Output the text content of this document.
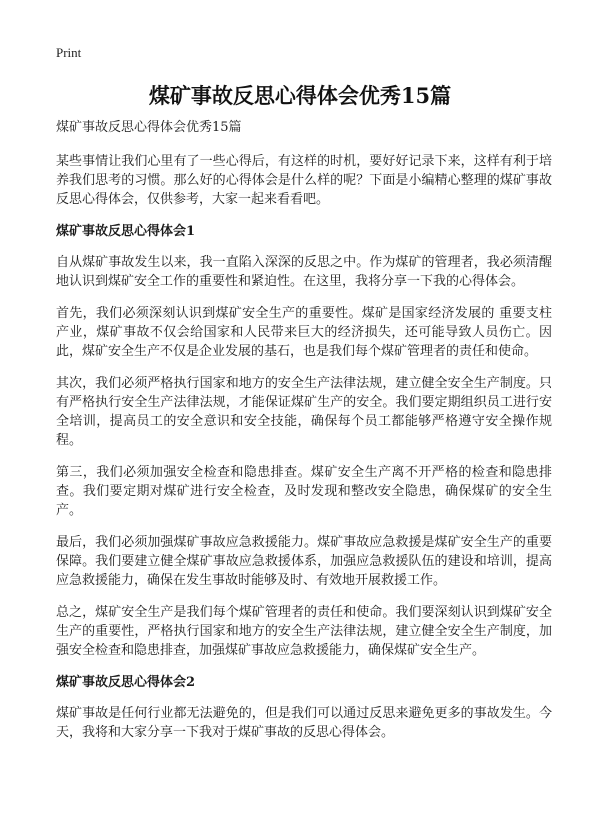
Print
煤矿事故反思心得体会优秀15篇
煤矿事故反思心得体会优秀15篇

某些事情让我们心里有了一些心得后，有这样的时机，要好好记录下来，这样有利于培养我们思考的习惯。那么好的心得体会是什么样的呢？下面是小编精心整理的煤矿事故反思心得体会，仅供参考，大家一起来看看吧。

煤矿事故反思心得体会1

自从煤矿事故发生以来，我一直陷入深深的反思之中。作为煤矿的管理者，我必须清醒地认识到煤矿安全工作的重要性和紧迫性。在这里，我将分享一下我的心得体会。

首先，我们必须深刻认识到煤矿安全生产的重要性。煤矿是国家经济发展的 重要支柱产业，煤矿事故不仅会给国家和人民带来巨大的经济损失，还可能导致人员伤亡。因此，煤矿安全生产不仅是企业发展的基石，也是我们每个煤矿管理者的责任和使命。

其次，我们必须严格执行国家和地方的安全生产法律法规，建立健全安全生产制度。只有严格执行安全生产法律法规，才能保证煤矿生产的安全。我们要定期组织员工进行安全培训，提高员工的安全意识和安全技能，确保每个员工都能够严格遵守安全操作规程。

第三，我们必须加强安全检查和隐患排查。煤矿安全生产离不开严格的检查和隐患排查。我们要定期对煤矿进行安全检查，及时发现和整改安全隐患，确保煤矿的安全生产。

最后，我们必须加强煤矿事故应急救援能力。煤矿事故应急救援是煤矿安全生产的重要保障。我们要建立健全煤矿事故应急救援体系，加强应急救援队伍的建设和培训，提高应急救援能力，确保在发生事故时能够及时、有效地开展救援工作。

总之，煤矿安全生产是我们每个煤矿管理者的责任和使命。我们要深刻认识到煤矿安全生产的重要性，严格执行国家和地方的安全生产法律法规，建立健全安全生产制度，加强安全检查和隐患排查，加强煤矿事故应急救援能力，确保煤矿安全生产。

煤矿事故反思心得体会2

煤矿事故是任何行业都无法避免的，但是我们可以通过反思来避免更多的事故发生。今天，我将和大家分享一下我对于煤矿事故的反思心得体会。
